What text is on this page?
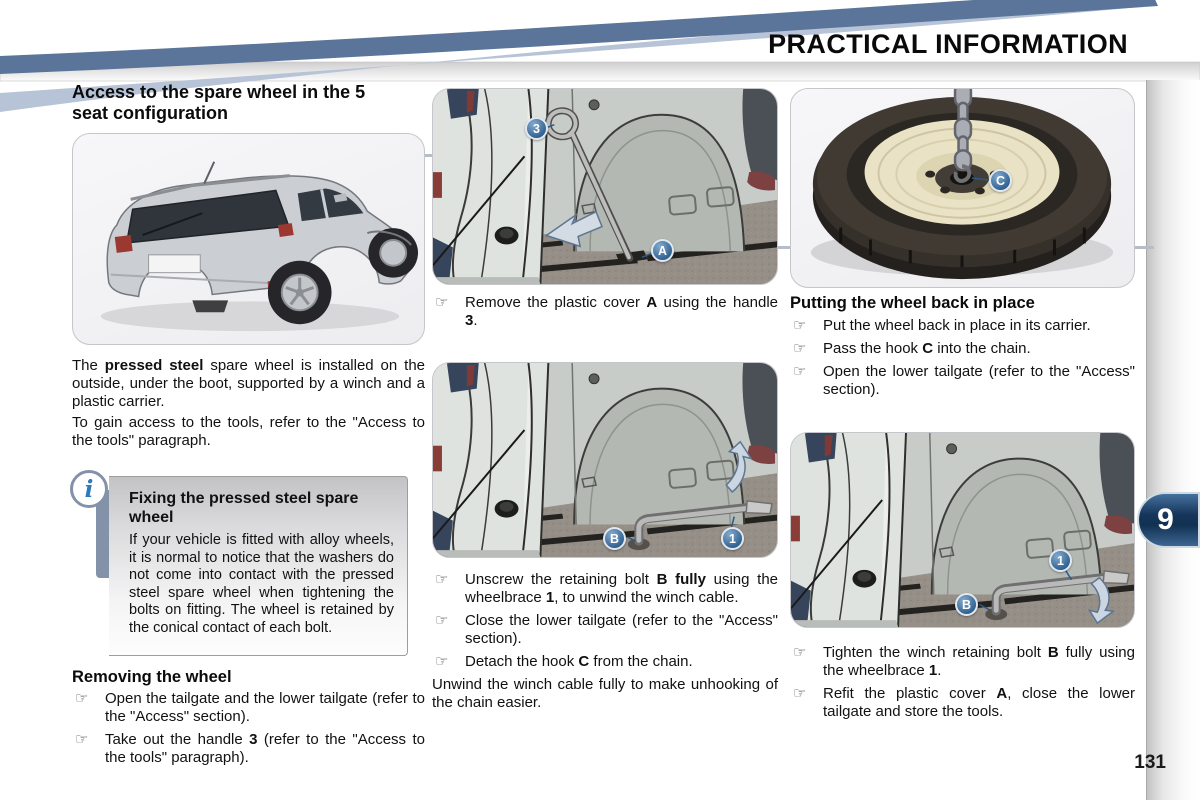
PRACTICAL INFORMATION
9
131
Access to the spare wheel in the 5 seat configuration
The pressed steel spare wheel is installed on the outside, under the boot, supported by a winch and a plastic carrier.
To gain access to the tools, refer to the "Access to the tools" paragraph.
Fixing the pressed steel spare wheel
If your vehicle is fitted with alloy wheels, it is normal to notice that the washers do not come into contact with the pressed steel spare wheel when tightening the bolts on fitting. The wheel is retained by the conical contact of each bolt.
i
Removing the wheel
☞ Open the tailgate and the lower tailgate (refer to the "Access" section).
☞ Take out the handle 3 (refer to the "Access to the tools" paragraph).
3
A
☞ Remove the plastic cover A using the handle 3.
B	1
☞ Unscrew the retaining bolt B fully using the wheelbrace 1, to unwind the winch cable.
☞ Close the lower tailgate (refer to the "Access" section).
☞ Detach the hook C from the chain.
Unwind the winch cable fully to make unhooking of the chain easier.
C
Putting the wheel back in place
☞ Put the wheel back in place in its carrier.
☞ Pass the hook C into the chain.
☞ Open the lower tailgate (refer to the "Access" section).
1
B
☞ Tighten the winch retaining bolt B fully using the wheelbrace 1.
☞ Refit the plastic cover A, close the lower tailgate and store the tools.
